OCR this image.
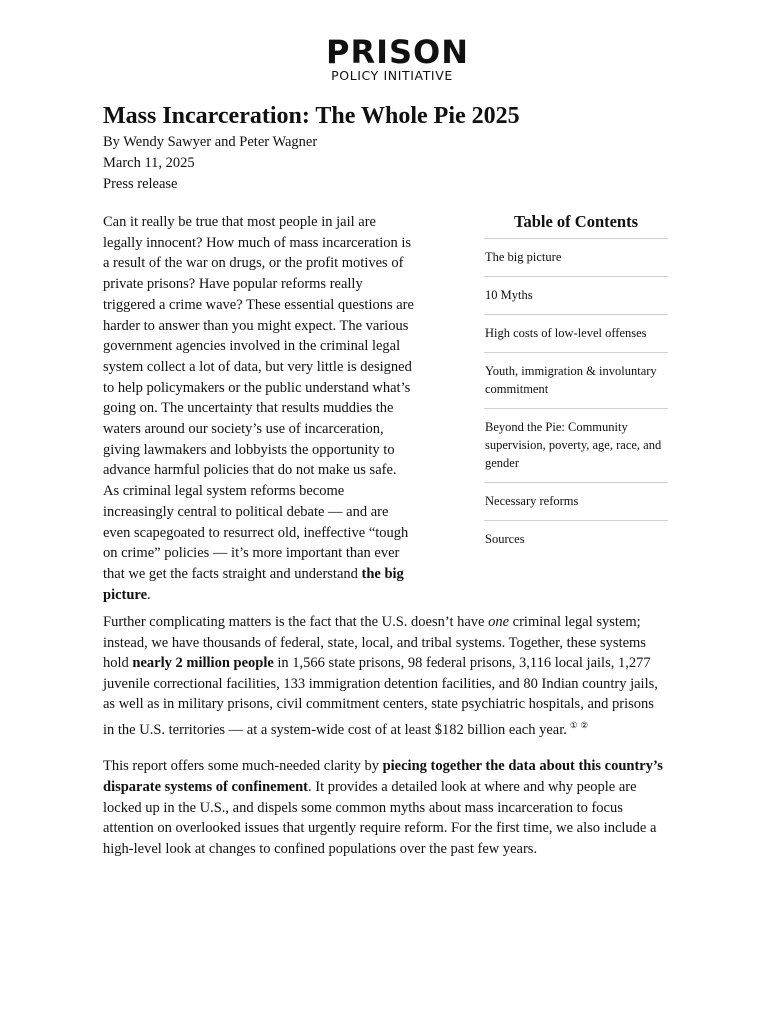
PRISON
POLICY INITIATIVE
Mass Incarceration: The Whole Pie 2025
By Wendy Sawyer and Peter Wagner
March 11, 2025
Press release

Can it really be true that most people in jail are legally innocent? How much of mass incarceration is a result of the war on drugs, or the profit motives of private prisons? Have popular reforms really triggered a crime wave? These essential questions are harder to answer than you might expect. The various government agencies involved in the criminal legal system collect a lot of data, but very little is designed to help policymakers or the public understand what’s going on. The uncertainty that results muddies the waters around our society’s use of incarceration, giving lawmakers and lobbyists the opportunity to advance harmful policies that do not make us safe. As criminal legal system reforms become increasingly central to political debate — and are even scapegoated to resurrect old, ineffective “tough on crime” policies — it’s more important than ever that we get the facts straight and understand the big picture.

Table of Contents
The big picture
10 Myths
High costs of low-level offenses
Youth, immigration & involuntary commitment
Beyond the Pie: Community supervision, poverty, age, race, and gender
Necessary reforms
Sources

Further complicating matters is the fact that the U.S. doesn’t have one criminal legal system; instead, we have thousands of federal, state, local, and tribal systems. Together, these systems hold nearly 2 million people in 1,566 state prisons, 98 federal prisons, 3,116 local jails, 1,277 juvenile correctional facilities, 133 immigration detention facilities, and 80 Indian country jails, as well as in military prisons, civil commitment centers, state psychiatric hospitals, and prisons in the U.S. territories — at a system-wide cost of at least $182 billion each year. ① ②

This report offers some much-needed clarity by piecing together the data about this country’s disparate systems of confinement. It provides a detailed look at where and why people are locked up in the U.S., and dispels some common myths about mass incarceration to focus attention on overlooked issues that urgently require reform. For the first time, we also include a high-level look at changes to confined populations over the past few years.
